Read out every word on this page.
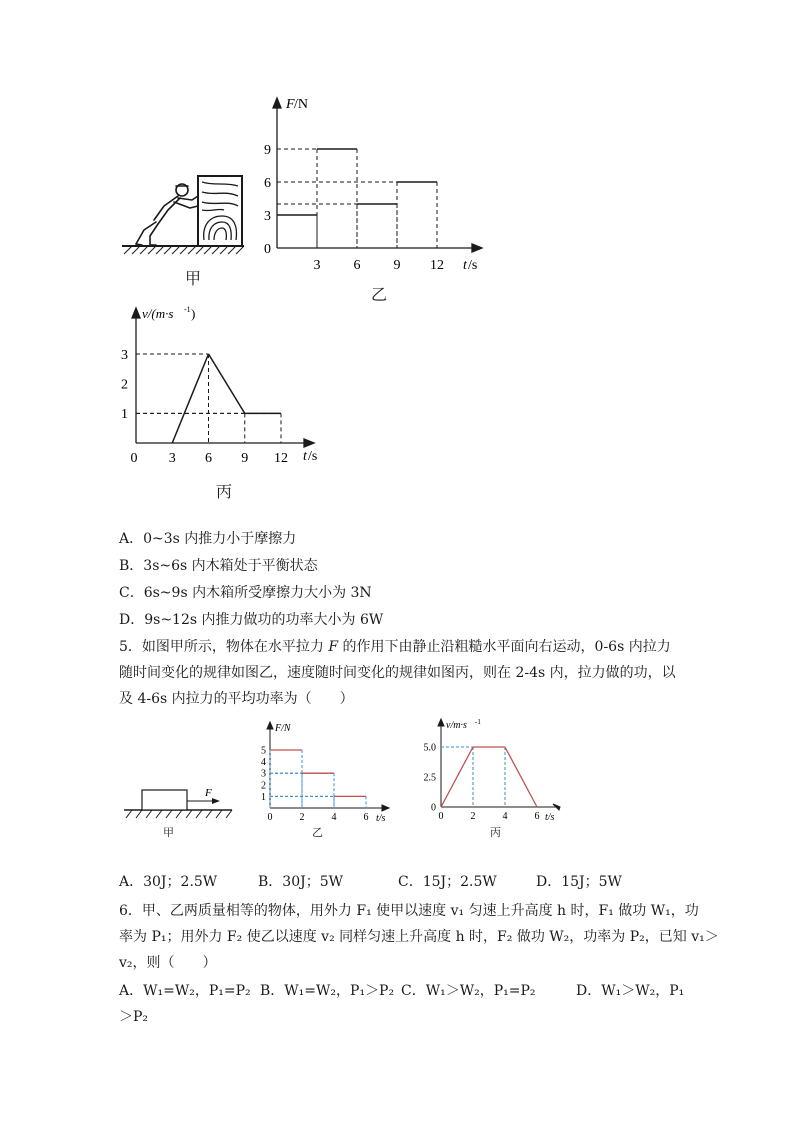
甲
F /N
t /s
9
6
3
0
3 6 9 12
乙
v/(m·s -1 )
t /s
3
2
1
3 6 9 12
0
丙
A．0~3s 内推力小于摩擦力
B．3s~6s 内木箱处于平衡状态
C．6s~9s 内木箱所受摩擦力大小为 3N
D．9s~12s 内推力做功的功率大小为 6W
5．如图甲所示，物体在水平拉力 F 的作用下由静止沿粗糙水平面向右运动，0-6s 内拉力随时间变化的规律如图乙，速度随时间变化的规律如图丙，则在 2-4s 内，拉力做的功，以及 4-6s 内拉力的平均功率为（　　）
F
甲
F/N
t/s
5
4
3
2
1
0	2	4	6
乙
v/m·s -1
t/s
5.0
2.5
0
0	2	4	6
丙
A．30J；2.5W	B．30J；5W	C．15J；2.5W	D．15J；5W
6．甲、乙两质量相等的物体，用外力 F₁ 使甲以速度 v₁ 匀速上升高度 h 时，F₁ 做功 W₁，功
率为 P₁；用外力 F₂ 使乙以速度 v₂ 同样匀速上升高度 h 时，F₂ 做功 W₂，功率为 P₂，已知 v₁＞
v₂，则（　　）
A．W₁=W₂，P₁=P₂ B．W₁=W₂，P₁＞P₂ C．W₁＞W₂，P₁=P₂	D．W₁＞W₂，P₁
＞P₂
